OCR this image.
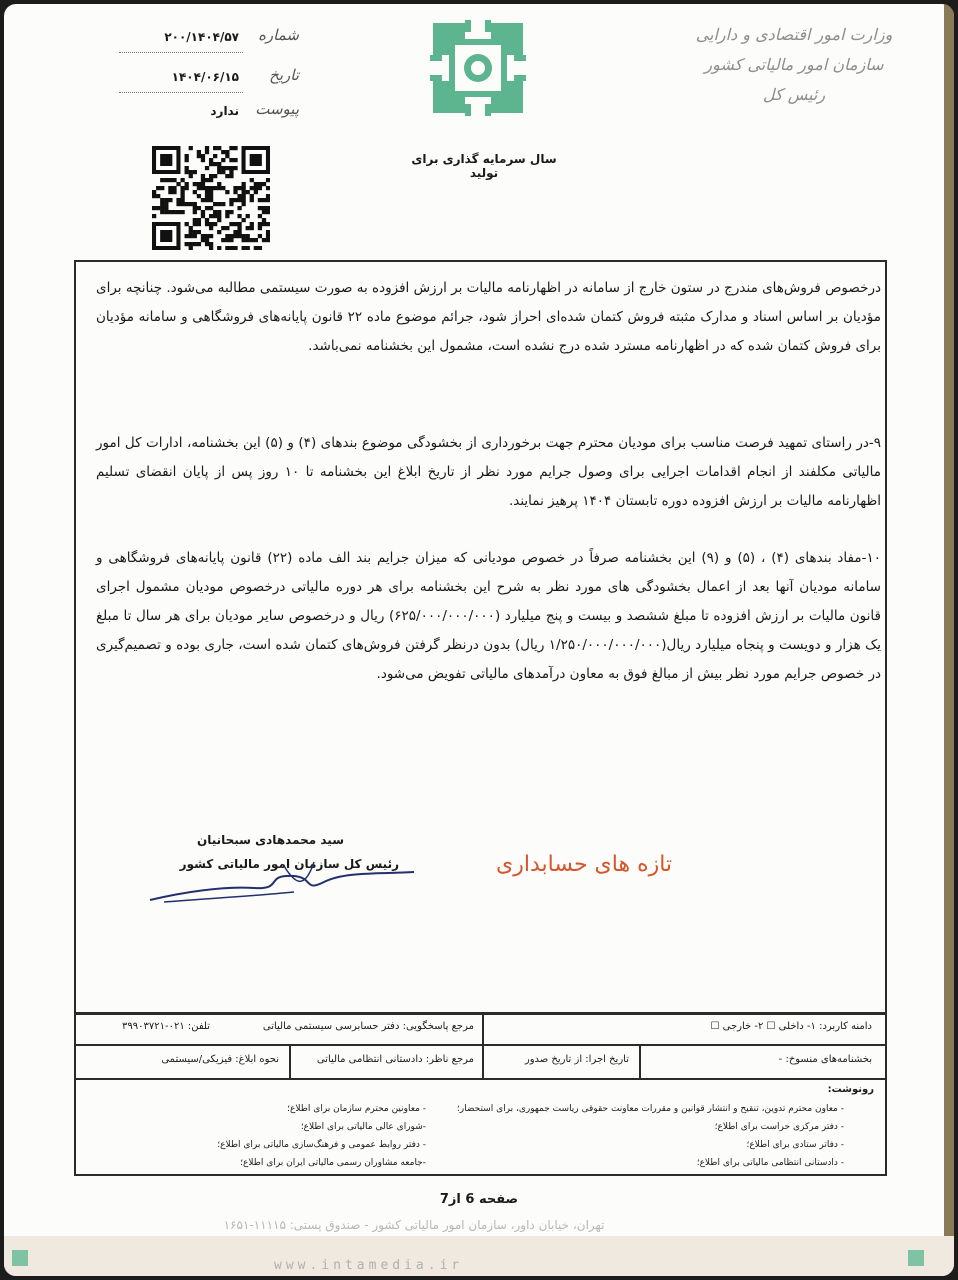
وزارت امور اقتصادی و دارایی
سازمان امور مالیاتی کشور
رئیس کل
سال سرمایه گذاری برای تولید
شماره
۲۰۰/۱۴۰۴/۵۷
تاریخ
۱۴۰۴/۰۶/۱۵
پیوست
ندارد
درخصوص فروش‌های مندرج در ستون خارج از سامانه در اظهارنامه مالیات بر ارزش افزوده به صورت سیستمی مطالبه می‌شود. چنانچه برای مؤدیان بر اساس اسناد و مدارک مثبته فروش کتمان شده‌ای احراز شود، جرائم موضوع ماده ۲۲ قانون پایانه‌های فروشگاهی و سامانه مؤدیان برای فروش کتمان شده که در اظهارنامه مسترد شده درج نشده است، مشمول این بخشنامه نمی‌باشد.
۹-در راستای تمهید فرصت مناسب برای مودیان محترم جهت برخورداری از بخشودگی موضوع بندهای (۴) و (۵) این بخشنامه، ادارات کل امور مالیاتی مکلفند از انجام اقدامات اجرایی برای وصول جرایم مورد نظر از تاریخ ابلاغ این بخشنامه تا ۱۰ روز پس از پایان انقضای تسلیم اظهارنامه مالیات بر ارزش افزوده دوره تابستان ۱۴۰۴ پرهیز نمایند.
۱۰-مفاد بندهای (۴) ، (۵) و (۹) این بخشنامه صرفاً در خصوص مودیانی که میزان جرایم بند الف ماده (۲۲) قانون پایانه‌های فروشگاهی و سامانه مودیان آنها بعد از اعمال بخشودگی های مورد نظر به شرح این بخشنامه برای هر دوره مالیاتی درخصوص مودیان مشمول اجرای قانون مالیات بر ارزش افزوده تا مبلغ ششصد و بیست و پنج میلیارد (۶۲۵/۰۰۰/۰۰۰/۰۰۰) ریال و درخصوص سایر مودیان برای هر سال تا مبلغ یک هزار و دویست و پنجاه میلیارد ریال(۱/۲۵۰/۰۰۰/۰۰۰/۰۰۰ ریال) بدون درنظر گرفتن فروش‌های کتمان شده است، جاری بوده و تصمیم‌گیری در خصوص جرایم مورد نظر بیش از مبالغ فوق به معاون درآمدهای مالیاتی تفویض می‌شود.
سید محمدهادی سبحانیان
رئیس کل سازمان امور مالیاتی کشور	تازه های حسابداری
دامنه کاربرد: ۱- داخلی ☐ ۲- خارجی ☐
مرجع پاسخگویی: دفتر حسابرسی سیستمی مالیاتی
تلفن: ۰۲۱-۳۹۹۰۳۷۲۱
بخشنامه‌های منسوخ: -
تاریخ اجرا: از تاریخ صدور
مرجع ناظر: دادستانی انتظامی مالیاتی
نحوه ابلاغ: فیزیکی/سیستمی
رونوشت:
- معاون محترم تدوین، تنقیح و انتشار قوانین و مقررات معاونت حقوقی ریاست جمهوری، برای استحضار؛
- دفتر مرکزی حراست برای اطلاع؛
- دفاتر ستادی برای اطلاع؛
- دادستانی انتظامی مالیاتی برای اطلاع؛
- معاونین محترم سازمان برای اطلاع؛
-شورای عالی مالیاتی برای اطلاع؛
- دفتر روابط عمومی و فرهنگ‌سازی مالیاتی برای اطلاع؛
-جامعه مشاوران رسمی مالیاتی ایران برای اطلاع؛
صفحه 6 از7
تهران، خیابان داور، سازمان امور مالیاتی کشور - صندوق پستی: ۱۱۱۱۵-۱۶۵۱
www.intamedia.ir
